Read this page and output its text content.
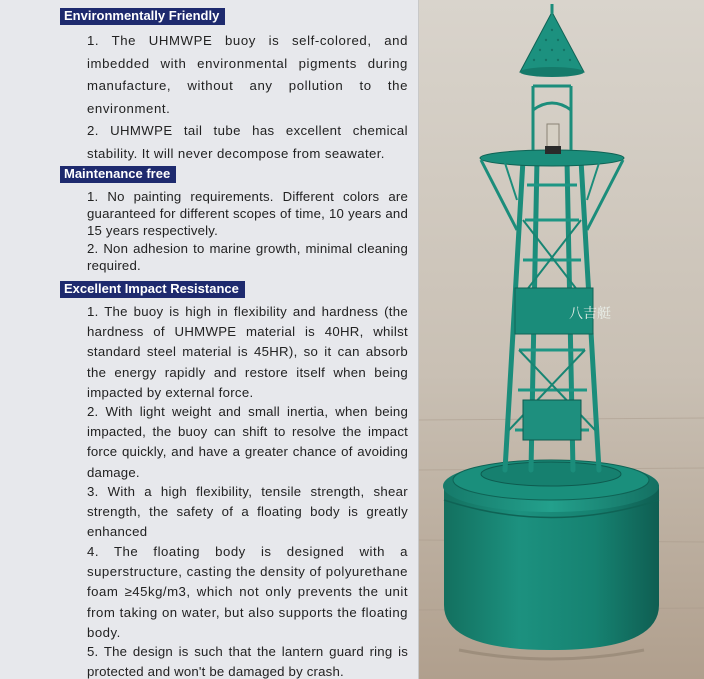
Environmentally Friendly

1. The UHMWPE buoy is self-colored, and imbedded with environmental pigments during manufacture, without any pollution to the environment.

2. UHMWPE tail tube has excellent chemical stability. It will never decompose from seawater.

Maintenance free

1. No painting requirements. Different colors are guaranteed for different scopes of time, 10 years and 15 years respectively.

2. Non adhesion to marine growth, minimal cleaning required.

Excellent Impact Resistance

1. The buoy is high in flexibility and hardness (the hardness of UHMWPE material is 40HR, whilst standard steel material is 45HR), so it can absorb the energy rapidly and restore itself when being impacted by external force.

2. With light weight and small inertia, when being impacted, the buoy can shift to resolve the impact force quickly, and have a greater chance of avoiding damage.

3. With a high flexibility, tensile strength, shear strength, the safety of a floating body is greatly enhanced

4. The floating body is designed with a superstructure, casting the density of polyurethane foam ≥45kg/m3, which not only prevents the unit from taking on water, but also supports the floating body.

5. The design is such that the lantern guard ring is protected and won't be damaged by crash.

八吉艇
